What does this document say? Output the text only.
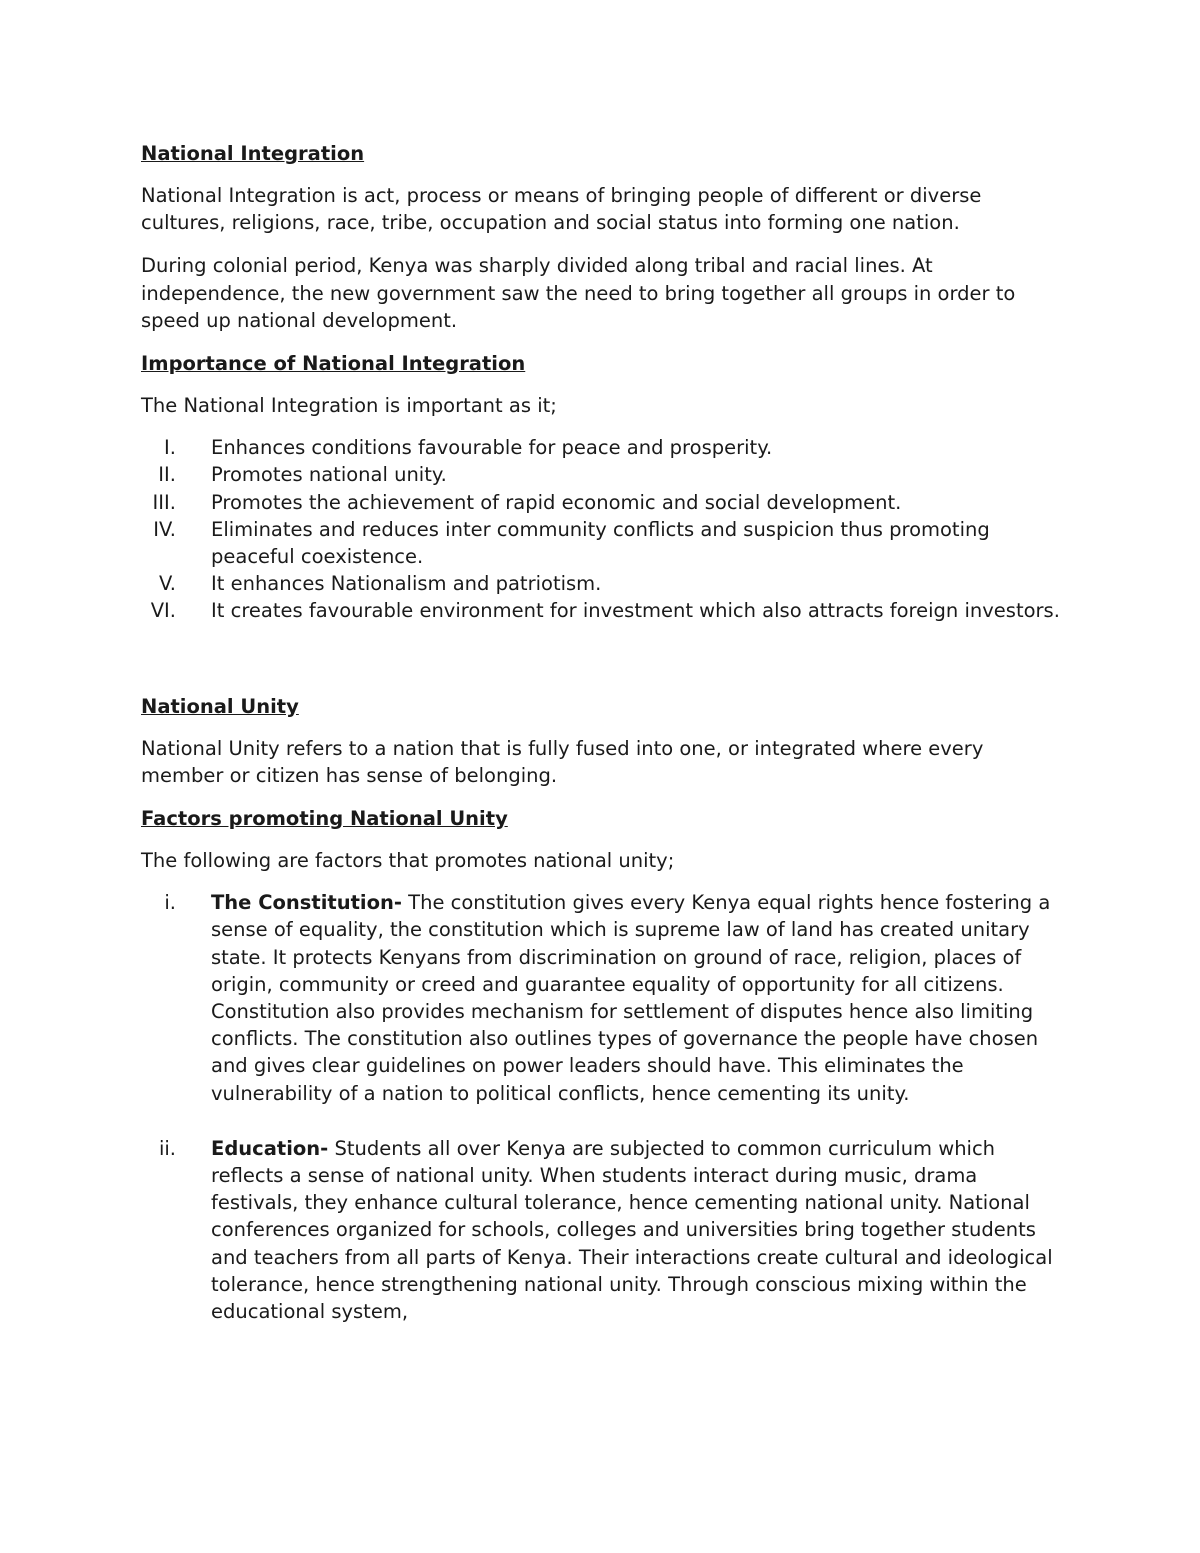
National Integration

National Integration is act, process or means of bringing people of different or diverse cultures, religions, race, tribe, occupation and social status into forming one nation.

During colonial period, Kenya was sharply divided along tribal and racial lines. At independence, the new government saw the need to bring together all groups in order to speed up national development.

Importance of National Integration

The National Integration is important as it;

I. Enhances conditions favourable for peace and prosperity.
II. Promotes national unity.
III. Promotes the achievement of rapid economic and social development.
IV. Eliminates and reduces inter community conflicts and suspicion thus promoting peaceful coexistence.
V. It enhances Nationalism and patriotism.
VI. It creates favourable environment for investment which also attracts foreign investors.
National Unity

National Unity refers to a nation that is fully fused into one, or integrated where every member or citizen has sense of belonging.

Factors promoting National Unity

The following are factors that promotes national unity;

i. The Constitution- The constitution gives every Kenya equal rights hence fostering a sense of equality, the constitution which is supreme law of land has created unitary state. It protects Kenyans from discrimination on ground of race, religion, places of origin, community or creed and guarantee equality of opportunity for all citizens. Constitution also provides mechanism for settlement of disputes hence also limiting conflicts. The constitution also outlines types of governance the people have chosen and gives clear guidelines on power leaders should have. This eliminates the vulnerability of a nation to political conflicts, hence cementing its unity.
ii. Education- Students all over Kenya are subjected to common curriculum which reflects a sense of national unity. When students interact during music, drama festivals, they enhance cultural tolerance, hence cementing national unity. National conferences organized for schools, colleges and universities bring together students and teachers from all parts of Kenya. Their interactions create cultural and ideological tolerance, hence strengthening national unity. Through conscious mixing within the educational system,
